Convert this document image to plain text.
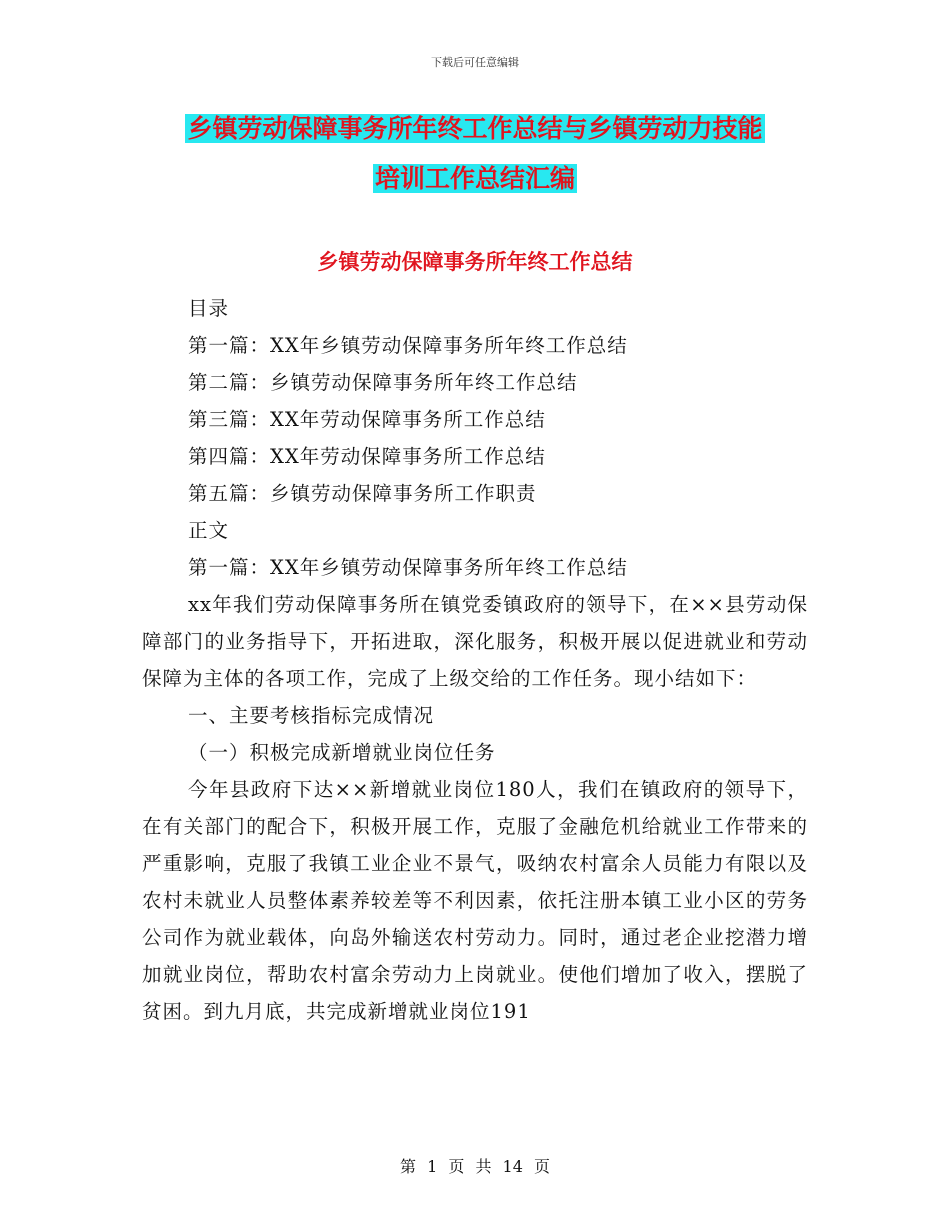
下载后可任意编辑
乡镇劳动保障事务所年终工作总结与乡镇劳动力技能
培训工作总结汇编
乡镇劳动保障事务所年终工作总结
目录
第一篇：XX年乡镇劳动保障事务所年终工作总结
第二篇：乡镇劳动保障事务所年终工作总结
第三篇：XX年劳动保障事务所工作总结
第四篇：XX年劳动保障事务所工作总结
第五篇：乡镇劳动保障事务所工作职责
正文
第一篇：XX年乡镇劳动保障事务所年终工作总结

xx年我们劳动保障事务所在镇党委镇政府的领导下，在××县劳动保障部门的业务指导下，开拓进取，深化服务，积极开展以促进就业和劳动保障为主体的各项工作，完成了上级交给的工作任务。现小结如下：

一、主要考核指标完成情况
（一）积极完成新增就业岗位任务

今年县政府下达××新增就业岗位180人，我们在镇政府的领导下，在有关部门的配合下，积极开展工作，克服了金融危机给就业工作带来的严重影响，克服了我镇工业企业不景气，吸纳农村富余人员能力有限以及农村未就业人员整体素养较差等不利因素，依托注册本镇工业小区的劳务公司作为就业载体，向岛外输送农村劳动力。同时，通过老企业挖潜力增加就业岗位，帮助农村富余劳动力上岗就业。使他们增加了收入，摆脱了贫困。到九月底，共完成新增就业岗位191

第 1 页 共 14 页
